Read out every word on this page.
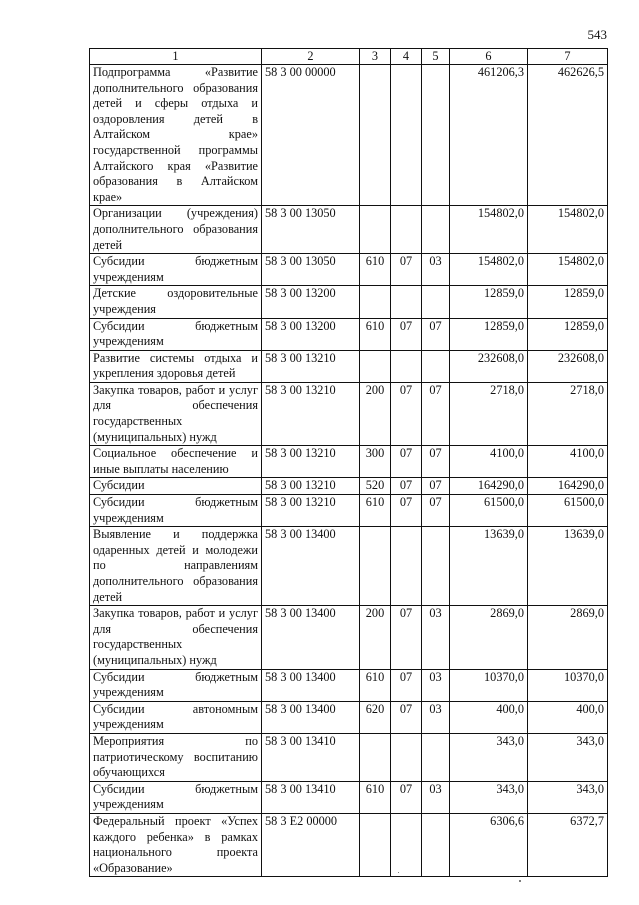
543
1	2	3	4	5	6	7
Подпрограмма «Развитие дополнительного образования детей и сферы отдыха и оздоровления детей в Алтайском крае» государственной программы Алтайского края «Развитие образования в Алтайском крае»	58 3 00 00000				461206,3	462626,5
Организации (учреждения) дополнительного образования детей	58 3 00 13050				154802,0	154802,0
Субсидии бюджетным учреждениям	58 3 00 13050	610	07	03	154802,0	154802,0
Детские оздоровительные учреждения	58 3 00 13200				12859,0	12859,0
Субсидии бюджетным учреждениям	58 3 00 13200	610	07	07	12859,0	12859,0
Развитие системы отдыха и укрепления здоровья детей	58 3 00 13210				232608,0	232608,0
Закупка товаров, работ и услуг для обеспечения государственных (муниципальных) нужд	58 3 00 13210	200	07	07	2718,0	2718,0
Социальное обеспечение и иные выплаты населению	58 3 00 13210	300	07	07	4100,0	4100,0
Субсидии	58 3 00 13210	520	07	07	164290,0	164290,0
Субсидии бюджетным учреждениям	58 3 00 13210	610	07	07	61500,0	61500,0
Выявление и поддержка одаренных детей и молодежи по направлениям дополнительного образования детей	58 3 00 13400				13639,0	13639,0
Закупка товаров, работ и услуг для обеспечения государственных (муниципальных) нужд	58 3 00 13400	200	07	03	2869,0	2869,0
Субсидии бюджетным учреждениям	58 3 00 13400	610	07	03	10370,0	10370,0
Субсидии автономным учреждениям	58 3 00 13400	620	07	03	400,0	400,0
Мероприятия по патриотическому воспитанию обучающихся	58 3 00 13410				343,0	343,0
Субсидии бюджетным учреждениям	58 3 00 13410	610	07	03	343,0	343,0
Федеральный проект «Успех каждого ребенка» в рамках национального проекта «Образование»	58 3 E2 00000				6306,6	6372,7
